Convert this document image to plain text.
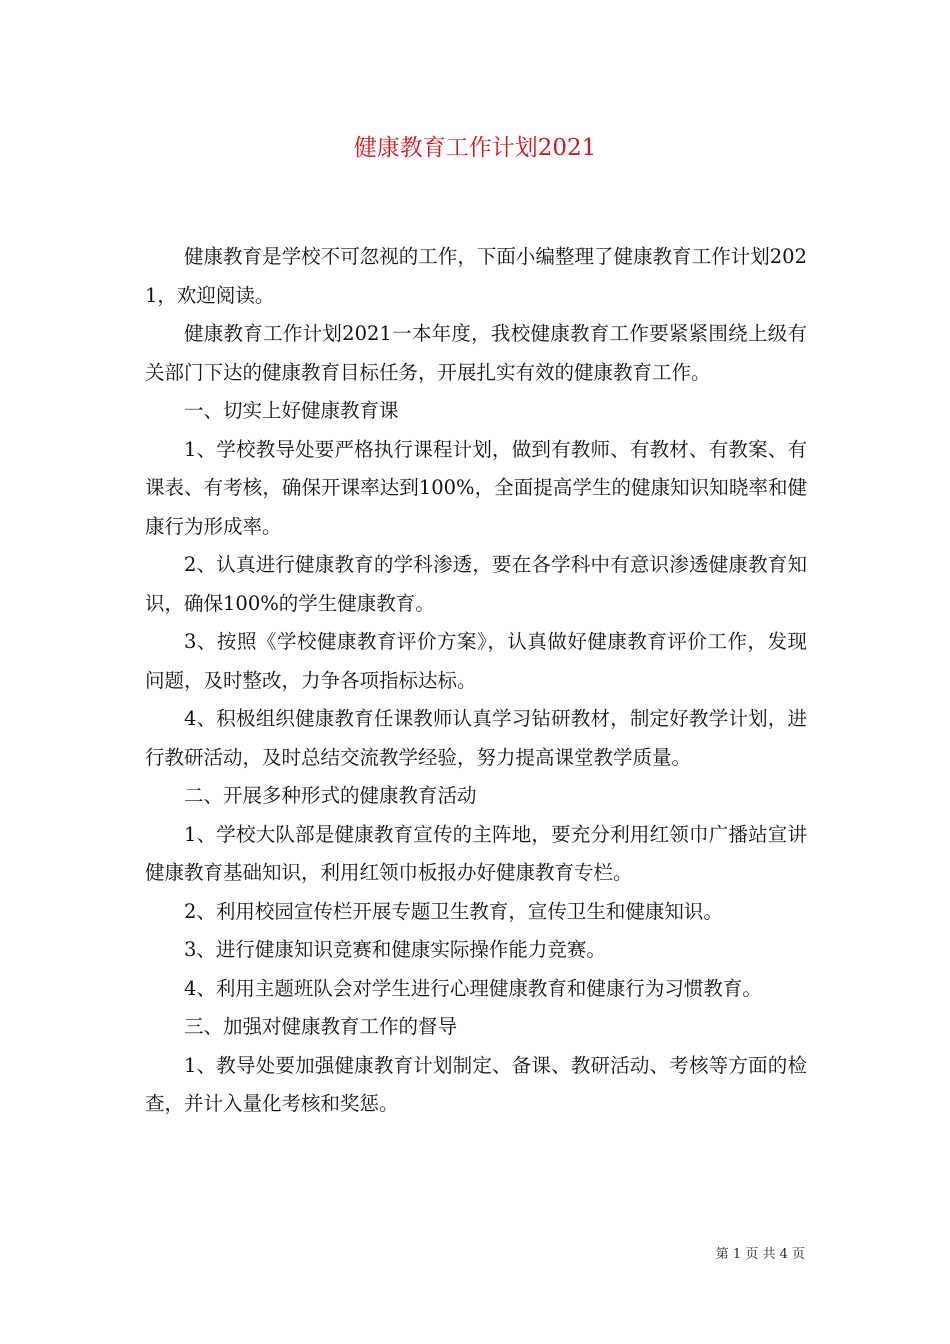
健康教育工作计划2021

健康教育是学校不可忽视的工作，下面小编整理了健康教育工作计划2021，欢迎阅读。

健康教育工作计划2021一本年度，我校健康教育工作要紧紧围绕上级有关部门下达的健康教育目标任务，开展扎实有效的健康教育工作。

一、切实上好健康教育课

1、学校教导处要严格执行课程计划，做到有教师、有教材、有教案、有课表、有考核，确保开课率达到100%，全面提高学生的健康知识知晓率和健康行为形成率。

2、认真进行健康教育的学科渗透，要在各学科中有意识渗透健康教育知识，确保100%的学生健康教育。

3、按照《学校健康教育评价方案》，认真做好健康教育评价工作，发现问题，及时整改，力争各项指标达标。

4、积极组织健康教育任课教师认真学习钻研教材，制定好教学计划，进行教研活动，及时总结交流教学经验，努力提高课堂教学质量。

二、开展多种形式的健康教育活动

1、学校大队部是健康教育宣传的主阵地，要充分利用红领巾广播站宣讲健康教育基础知识，利用红领巾板报办好健康教育专栏。

2、利用校园宣传栏开展专题卫生教育，宣传卫生和健康知识。

3、进行健康知识竞赛和健康实际操作能力竞赛。

4、利用主题班队会对学生进行心理健康教育和健康行为习惯教育。

三、加强对健康教育工作的督导

1、教导处要加强健康教育计划制定、备课、教研活动、考核等方面的检查，并计入量化考核和奖惩。

第 1 页 共 4 页
